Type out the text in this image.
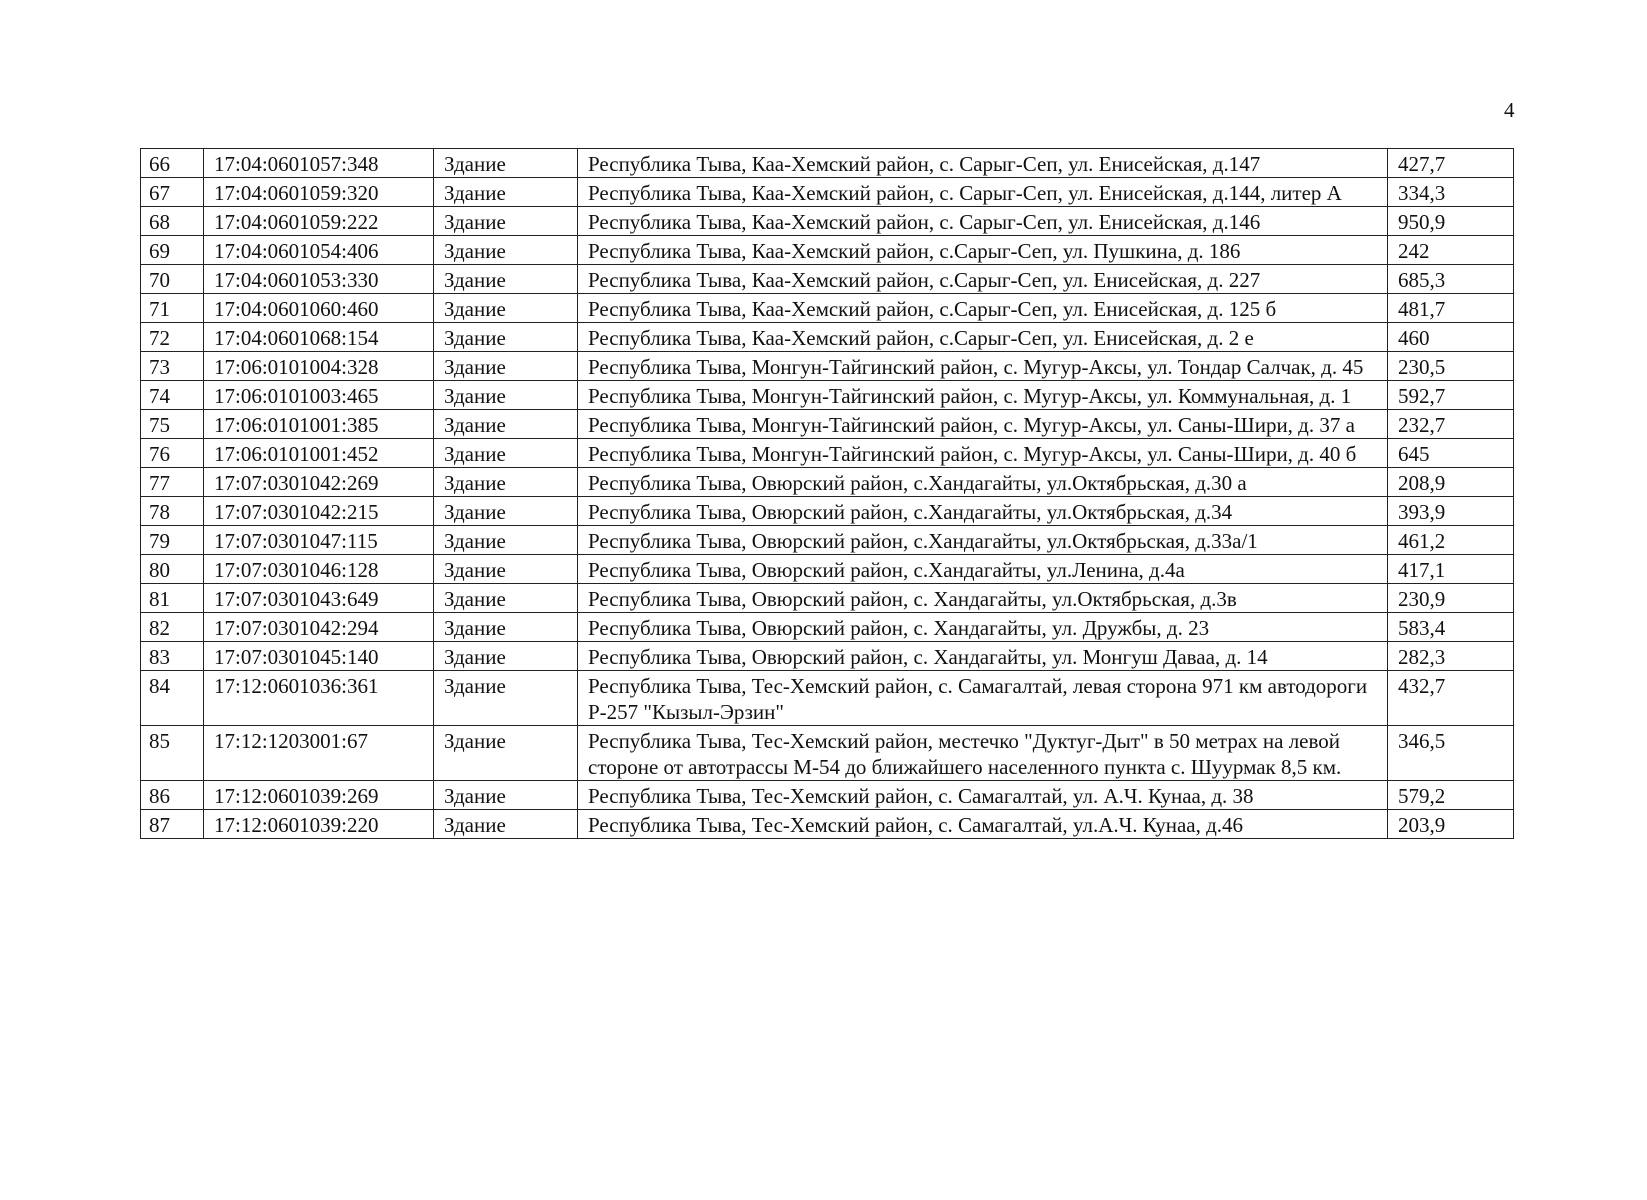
4
66	17:04:0601057:348	Здание	Республика Тыва, Каа-Хемский район, с. Сарыг-Сеп, ул. Енисейская, д.147	427,7
67	17:04:0601059:320	Здание	Республика Тыва, Каа-Хемский район, с. Сарыг-Сеп, ул. Енисейская, д.144, литер А	334,3
68	17:04:0601059:222	Здание	Республика Тыва, Каа-Хемский район, с. Сарыг-Сеп, ул. Енисейская, д.146	950,9
69	17:04:0601054:406	Здание	Республика Тыва, Каа-Хемский район, с.Сарыг-Сеп, ул. Пушкина, д. 186	242
70	17:04:0601053:330	Здание	Республика Тыва, Каа-Хемский район, с.Сарыг-Сеп, ул. Енисейская, д. 227	685,3
71	17:04:0601060:460	Здание	Республика Тыва, Каа-Хемский район, с.Сарыг-Сеп, ул. Енисейская, д. 125 б	481,7
72	17:04:0601068:154	Здание	Республика Тыва, Каа-Хемский район, с.Сарыг-Сеп, ул. Енисейская, д. 2 е	460
73	17:06:0101004:328	Здание	Республика Тыва, Монгун-Тайгинский район, с. Мугур-Аксы, ул. Тондар Салчак, д. 45	230,5
74	17:06:0101003:465	Здание	Республика Тыва, Монгун-Тайгинский район, с. Мугур-Аксы, ул. Коммунальная, д. 1	592,7
75	17:06:0101001:385	Здание	Республика Тыва, Монгун-Тайгинский район, с. Мугур-Аксы, ул. Саны-Шири, д. 37 а	232,7
76	17:06:0101001:452	Здание	Республика Тыва, Монгун-Тайгинский район, с. Мугур-Аксы, ул. Саны-Шири, д. 40 б	645
77	17:07:0301042:269	Здание	Республика Тыва, Овюрский район, с.Хандагайты, ул.Октябрьская, д.30 а	208,9
78	17:07:0301042:215	Здание	Республика Тыва, Овюрский район, с.Хандагайты, ул.Октябрьская, д.34	393,9
79	17:07:0301047:115	Здание	Республика Тыва, Овюрский район, с.Хандагайты, ул.Октябрьская, д.33а/1	461,2
80	17:07:0301046:128	Здание	Республика Тыва, Овюрский район, с.Хандагайты, ул.Ленина, д.4а	417,1
81	17:07:0301043:649	Здание	Республика Тыва, Овюрский район, с. Хандагайты, ул.Октябрьская, д.3в	230,9
82	17:07:0301042:294	Здание	Республика Тыва, Овюрский район, с. Хандагайты, ул. Дружбы, д. 23	583,4
83	17:07:0301045:140	Здание	Республика Тыва, Овюрский район, с. Хандагайты, ул. Монгуш Даваа, д. 14	282,3
84	17:12:0601036:361	Здание	Республика Тыва, Тес-Хемский район, с. Самагалтай, левая сторона 971 км автодороги Р-257 "Кызыл-Эрзин"	432,7
85	17:12:1203001:67	Здание	Республика Тыва, Тес-Хемский район, местечко "Дуктуг-Дыт" в 50 метрах на левой стороне от автотрассы М-54 до ближайшего населенного пункта с. Шуурмак 8,5 км.	346,5
86	17:12:0601039:269	Здание	Республика Тыва, Тес-Хемский район, с. Самагалтай, ул. А.Ч. Кунаа, д. 38	579,2
87	17:12:0601039:220	Здание	Республика Тыва, Тес-Хемский район, с. Самагалтай, ул.А.Ч. Кунаа, д.46	203,9
